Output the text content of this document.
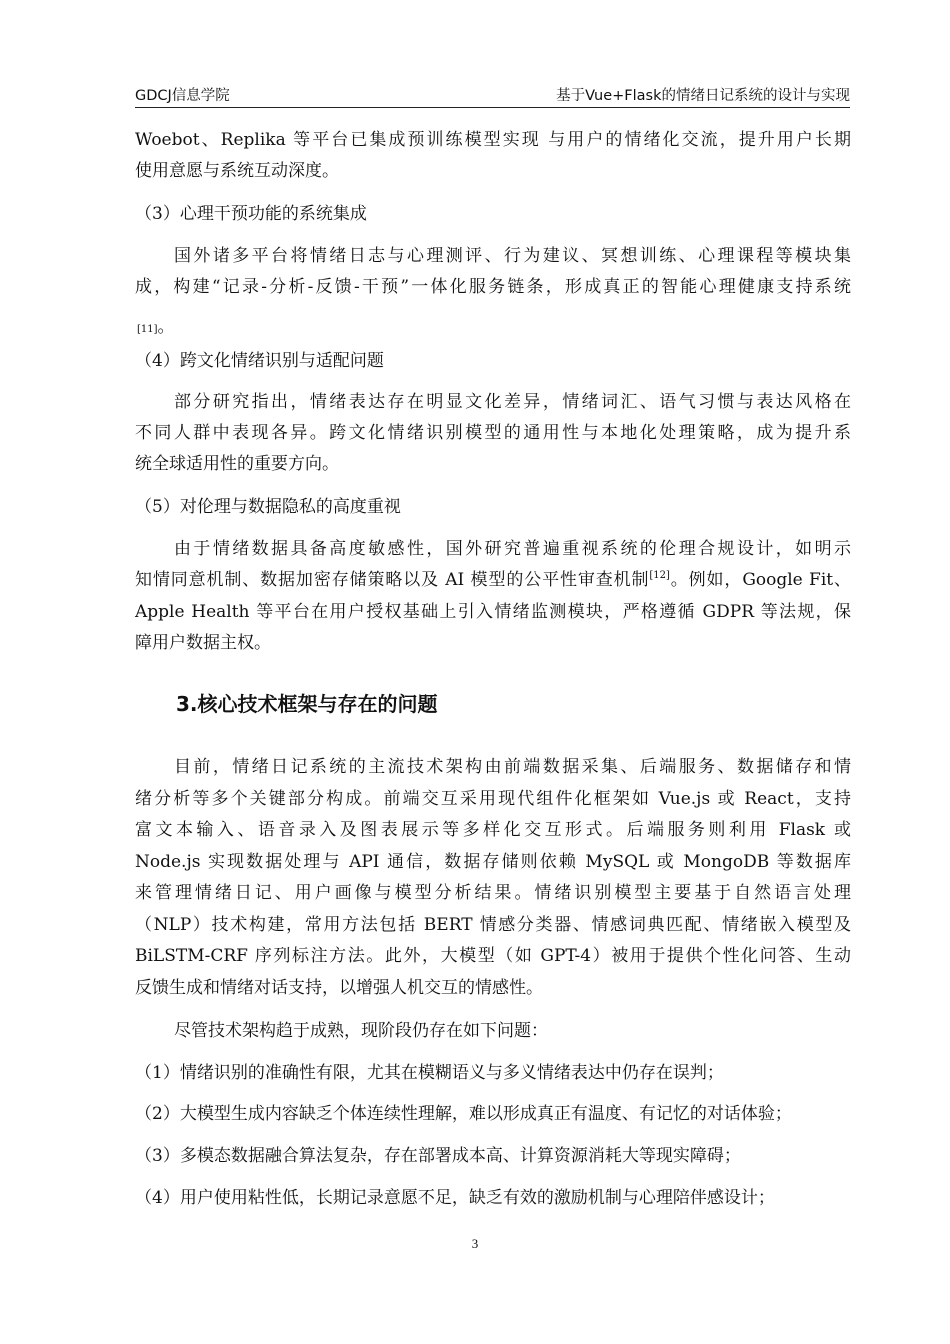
GDCJ信息学院	基于Vue+Flask的情绪日记系统的设计与实现

Woebot、Replika 等平台已集成预训练模型实现 与用户的情绪化交流，提升用户长期

使用意愿与系统互动深度。

（3）心理干预功能的系统集成

国外诸多平台将情绪日志与心理测评、行为建议、冥想训练、心理课程等模块集

成，构建“记录-分析-反馈-干预”一体化服务链条，形成真正的智能心理健康支持系统

[11]。

（4）跨文化情绪识别与适配问题

部分研究指出，情绪表达存在明显文化差异，情绪词汇、语气习惯与表达风格在

不同人群中表现各异。跨文化情绪识别模型的通用性与本地化处理策略，成为提升系

统全球适用性的重要方向。

（5）对伦理与数据隐私的高度重视

由于情绪数据具备高度敏感性，国外研究普遍重视系统的伦理合规设计，如明示

知情同意机制、数据加密存储策略以及 AI 模型的公平性审查机制[12]。例如，Google Fit、

Apple Health 等平台在用户授权基础上引入情绪监测模块，严格遵循 GDPR 等法规，保

障用户数据主权。

3.核心技术框架与存在的问题

目前，情绪日记系统的主流技术架构由前端数据采集、后端服务、数据储存和情

绪分析等多个关键部分构成。前端交互采用现代组件化框架如 Vue.js 或 React，支持

富文本输入、语音录入及图表展示等多样化交互形式。后端服务则利用 Flask 或

Node.js 实现数据处理与 API 通信，数据存储则依赖 MySQL 或 MongoDB 等数据库

来管理情绪日记、用户画像与模型分析结果。情绪识别模型主要基于自然语言处理

（NLP）技术构建，常用方法包括 BERT 情感分类器、情感词典匹配、情绪嵌入模型及

BiLSTM-CRF 序列标注方法。此外，大模型（如 GPT-4）被用于提供个性化问答、生动

反馈生成和情绪对话支持，以增强人机交互的情感性。

尽管技术架构趋于成熟，现阶段仍存在如下问题：

（1）情绪识别的准确性有限，尤其在模糊语义与多义情绪表达中仍存在误判；

（2）大模型生成内容缺乏个体连续性理解，难以形成真正有温度、有记忆的对话体验；

（3）多模态数据融合算法复杂，存在部署成本高、计算资源消耗大等现实障碍；

（4）用户使用粘性低，长期记录意愿不足，缺乏有效的激励机制与心理陪伴感设计；

3
